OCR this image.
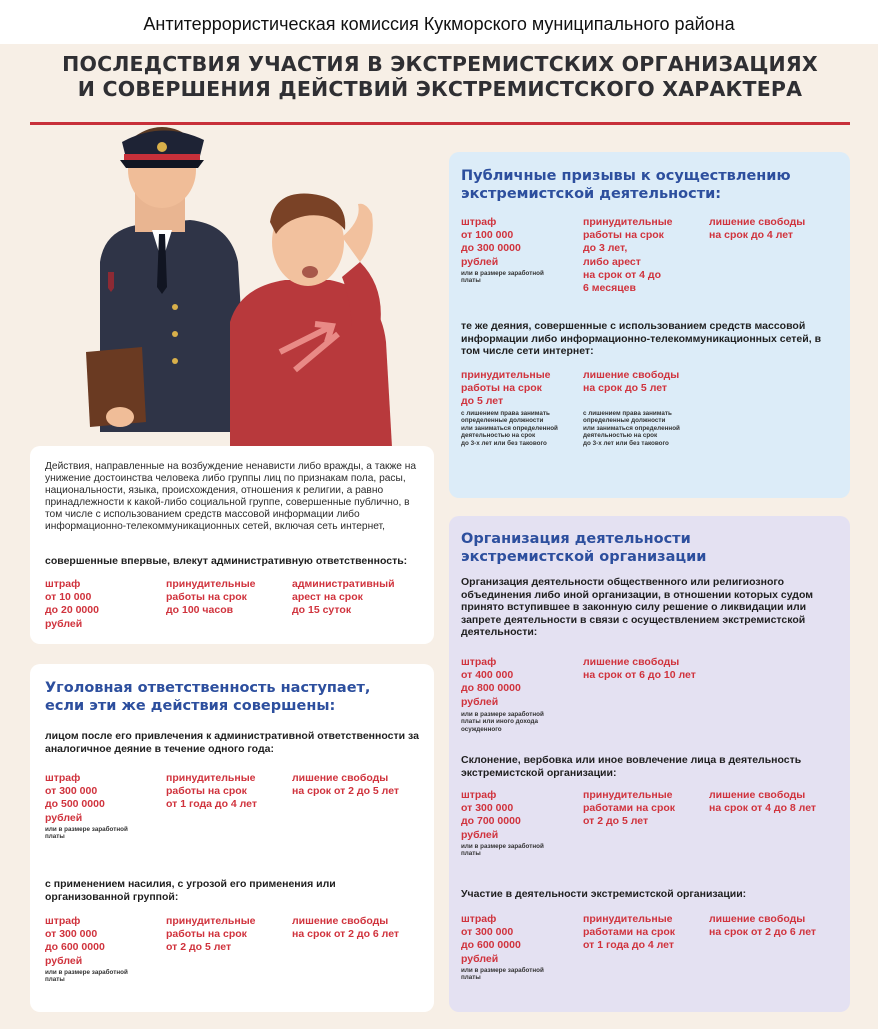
Антитеррористическая комиссия Кукморского муниципального района
ПОСЛЕДСТВИЯ УЧАСТИЯ В ЭКСТРЕМИСТСКИХ ОРГАНИЗАЦИЯХ
И СОВЕРШЕНИЯ ДЕЙСТВИЙ ЭКСТРЕМИСТСКОГО ХАРАКТЕРА
Действия, направленные на возбуждение ненависти либо вражды, а также на унижение достоинства человека либо группы лиц по признакам пола, расы, национальности, языка, происхождения, отношения к религии, а равно принадлежности к какой-либо социальной группе, совершенные публично, в том числе с использованием средств массовой информации либо информационно-телекоммуникационных сетей, включая сеть интернет,
совершенные впервые, влекут административную ответственность:
штраф
от 10 000
до 20 0000
рублей
принудительные
работы на срок
до 100 часов
административный
арест на срок
до 15 суток
Уголовная ответственность наступает, если эти же действия совершены:
лицом после его привлечения к административной ответственности за аналогичное деяние в течение одного года:
штраф
от 300 000
до 500 0000
рублей
или в размере заработной
платы
принудительные
работы на срок
от 1 года до 4 лет
лишение свободы
на срок от 2 до 5 лет
с применением насилия, с угрозой его применения или организованной группой:
штраф
от 300 000
до 600 0000
рублей
или в размере заработной
платы
принудительные
работы на срок
от 2 до 5 лет
лишение свободы
на срок от 2 до 6 лет
Публичные призывы к осуществлению экстремистской деятельности:
штраф
от 100 000
до 300 0000
рублей
или в размере заработной
платы
принудительные
работы на срок
до 3 лет,
либо арест
на срок от 4 до
6 месяцев
лишение свободы
на срок до 4 лет
те же деяния, совершенные с использованием средств массовой информации либо информационно-телекоммуникационных сетей, в том числе сети интернет:
принудительные
работы на срок
до 5 лет
с лишением права занимать
определенные должности
или заниматься определенной
деятельностью на срок
до 3-х лет или без такового
лишение свободы
на срок до 5 лет
с лишением права занимать
определенные должности
или заниматься определенной
деятельностью на срок
до 3-х лет или без такового
Организация деятельности экстремистской организации
Организация деятельности общественного или религиозного объединения либо иной организации, в отношении которых судом принято вступившее в законную силу решение о ликвидации или запрете деятельности в связи с осуществлением экстремистской деятельности:
штраф
от 400 000
до 800 0000
рублей
или в размере заработной
платы или иного дохода
осужденного
лишение свободы
на срок от 6 до 10 лет
Склонение, вербовка или иное вовлечение лица в деятельность экстремистской организации:
штраф
от 300 000
до 700 0000
рублей
или в размере заработной
платы
принудительные
работами на срок
от 2 до 5 лет
лишение свободы
на срок от 4 до 8 лет
Участие в деятельности экстремистской организации:
штраф
от 300 000
до 600 0000
рублей
или в размере заработной
платы
принудительные
работами на срок
от 1 года до 4 лет
лишение свободы
на срок от 2 до 6 лет
